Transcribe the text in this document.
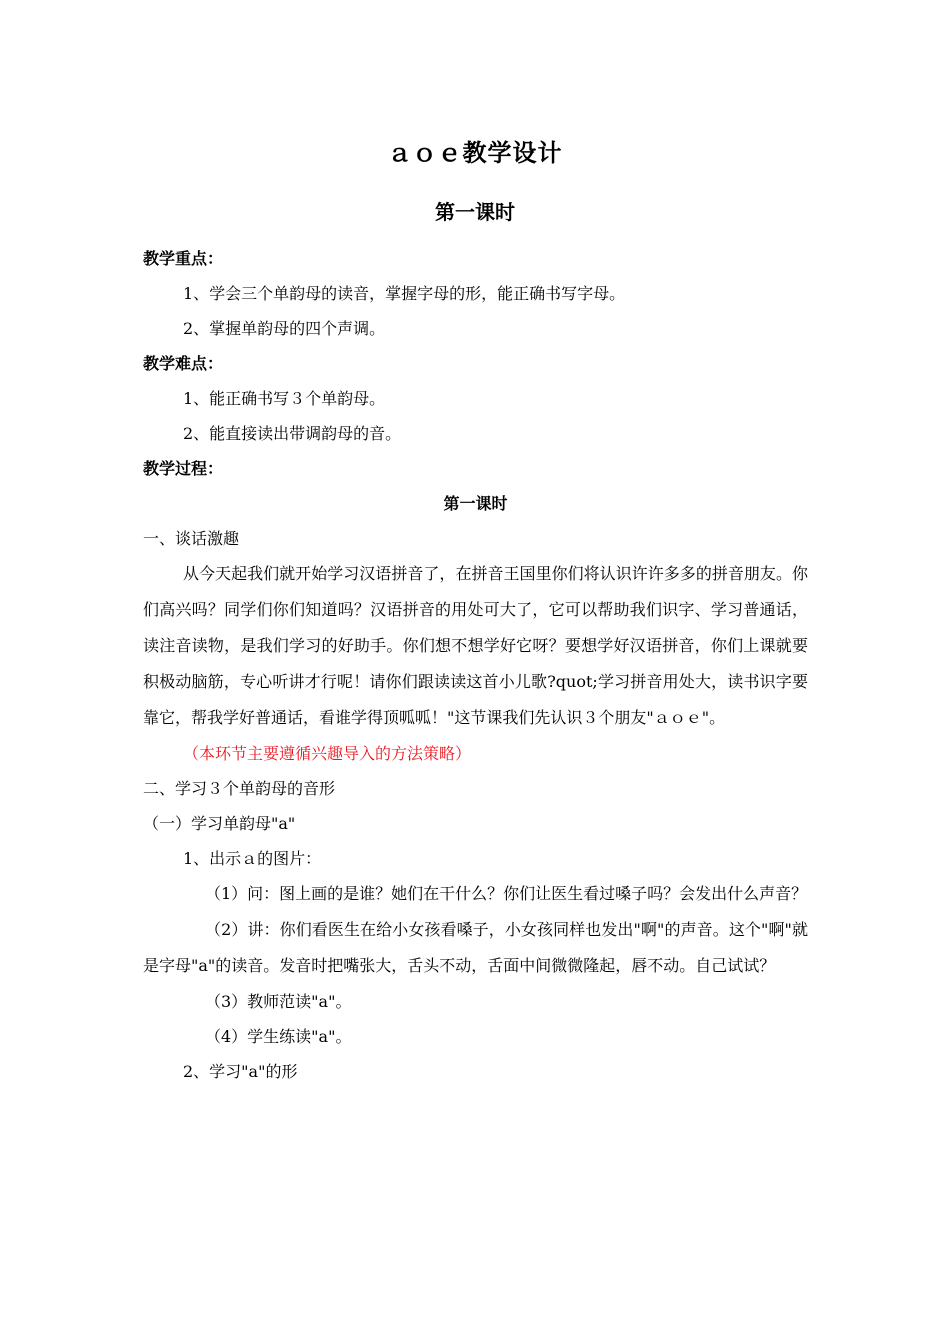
ａｏｅ教学设计
第一课时
教学重点：
1、学会三个单韵母的读音，掌握字母的形，能正确书写字母。
2、掌握单韵母的四个声调。
教学难点：
1、能正确书写３个单韵母。
2、能直接读出带调韵母的音。
教学过程：
第一课时
一、谈话激趣
从今天起我们就开始学习汉语拼音了，在拼音王国里你们将认识许许多多的拼音朋友。你们高兴吗？同学们你们知道吗？汉语拼音的用处可大了，它可以帮助我们识字、学习普通话，读注音读物，是我们学习的好助手。你们想不想学好它呀？要想学好汉语拼音，你们上课就要积极动脑筋，专心听讲才行呢！请你们跟读读这首小儿歌?quot;学习拼音用处大，读书识字要靠它，帮我学好普通话，看谁学得顶呱呱！"这节课我们先认识３个朋友"ａｏｅ"。
（本环节主要遵循兴趣导入的方法策略）
二、学习３个单韵母的音形
（一）学习单韵母"a"
1、出示ａ的图片：
（1）问：图上画的是谁？她们在干什么？你们让医生看过嗓子吗？会发出什么声音？
（2）讲：你们看医生在给小女孩看嗓子，小女孩同样也发出"啊"的声音。这个"啊"就是字母"a"的读音。发音时把嘴张大，舌头不动，舌面中间微微隆起，唇不动。自己试试？
（3）教师范读"a"。
（4）学生练读"a"。
2、学习"a"的形
